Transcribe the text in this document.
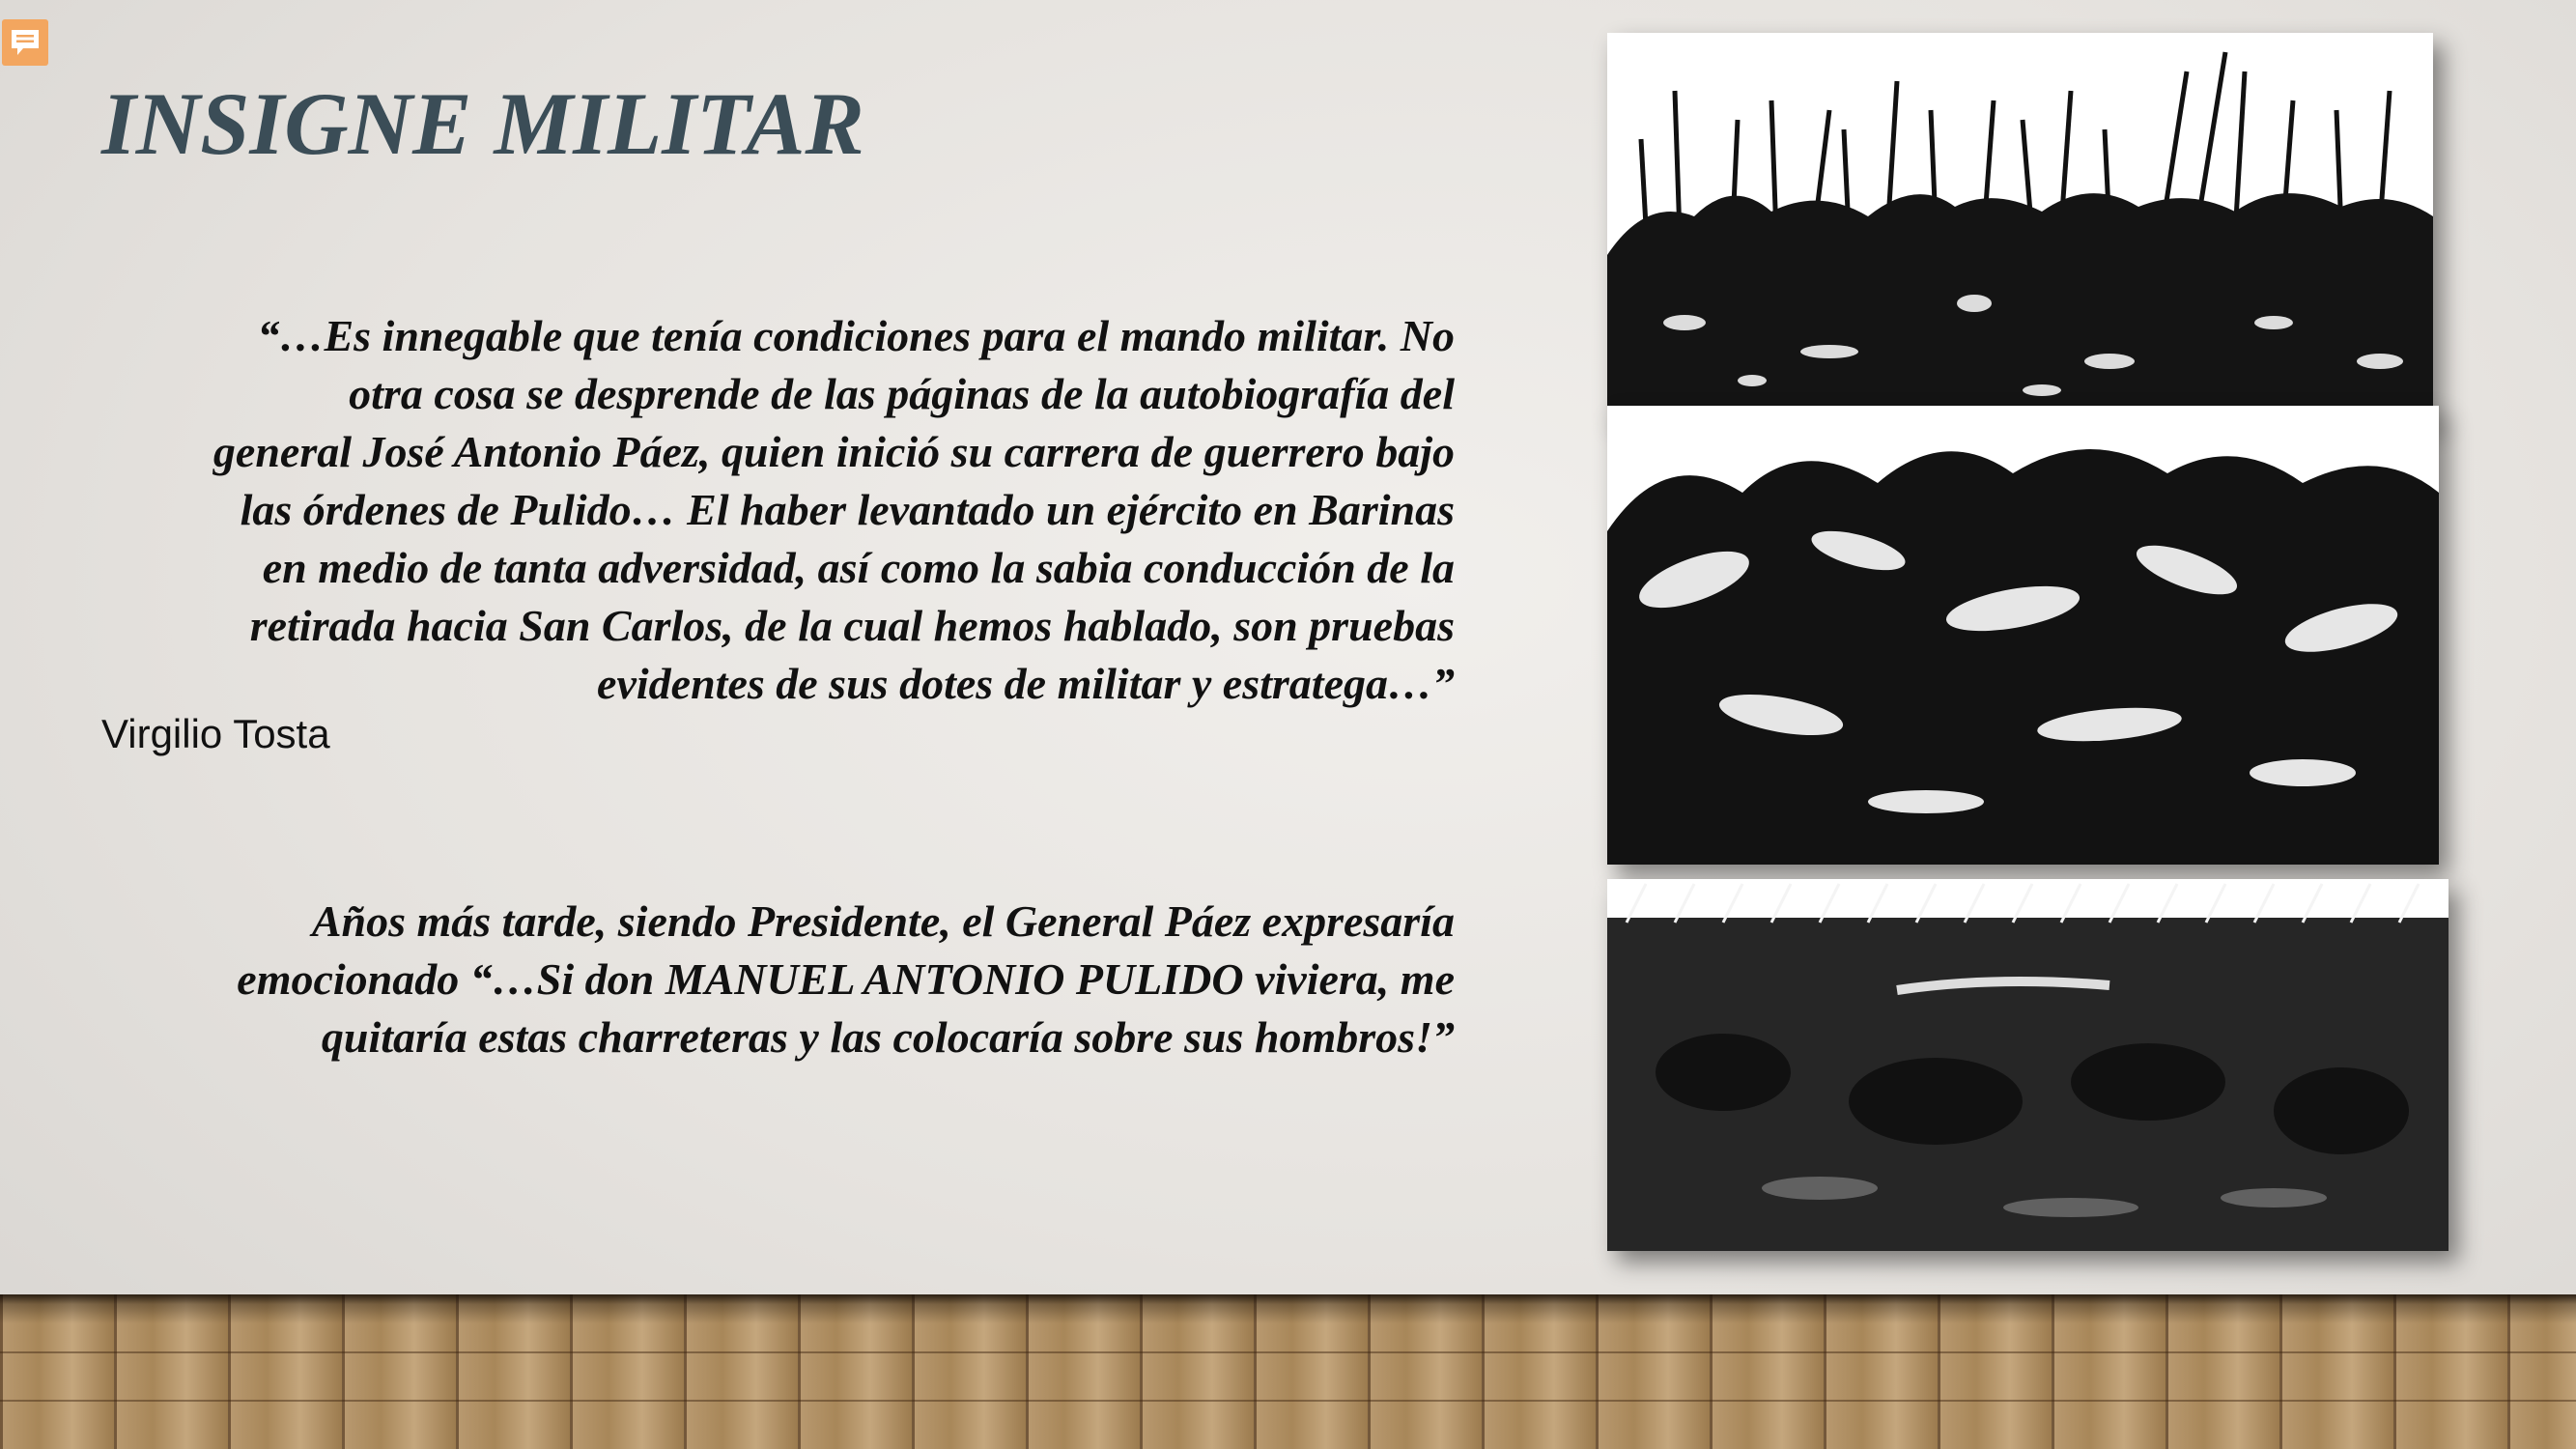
INSIGNE MILITAR

“…Es innegable que tenía condiciones para el mando militar. No
otra cosa se desprende de las páginas de la autobiografía del
general José Antonio Páez, quien inició su carrera de guerrero bajo
las órdenes de Pulido… El haber levantado un ejército en Barinas
en medio de tanta adversidad, así como la sabia conducción de la
retirada hacia San Carlos, de la cual hemos hablado, son pruebas
evidentes de sus dotes de militar y estratega…”

Virgilio Tosta

Años más tarde, siendo Presidente, el General Páez expresaría
emocionado “…Si don MANUEL ANTONIO PULIDO viviera, me
quitaría estas charreteras y las colocaría sobre sus hombros!”
